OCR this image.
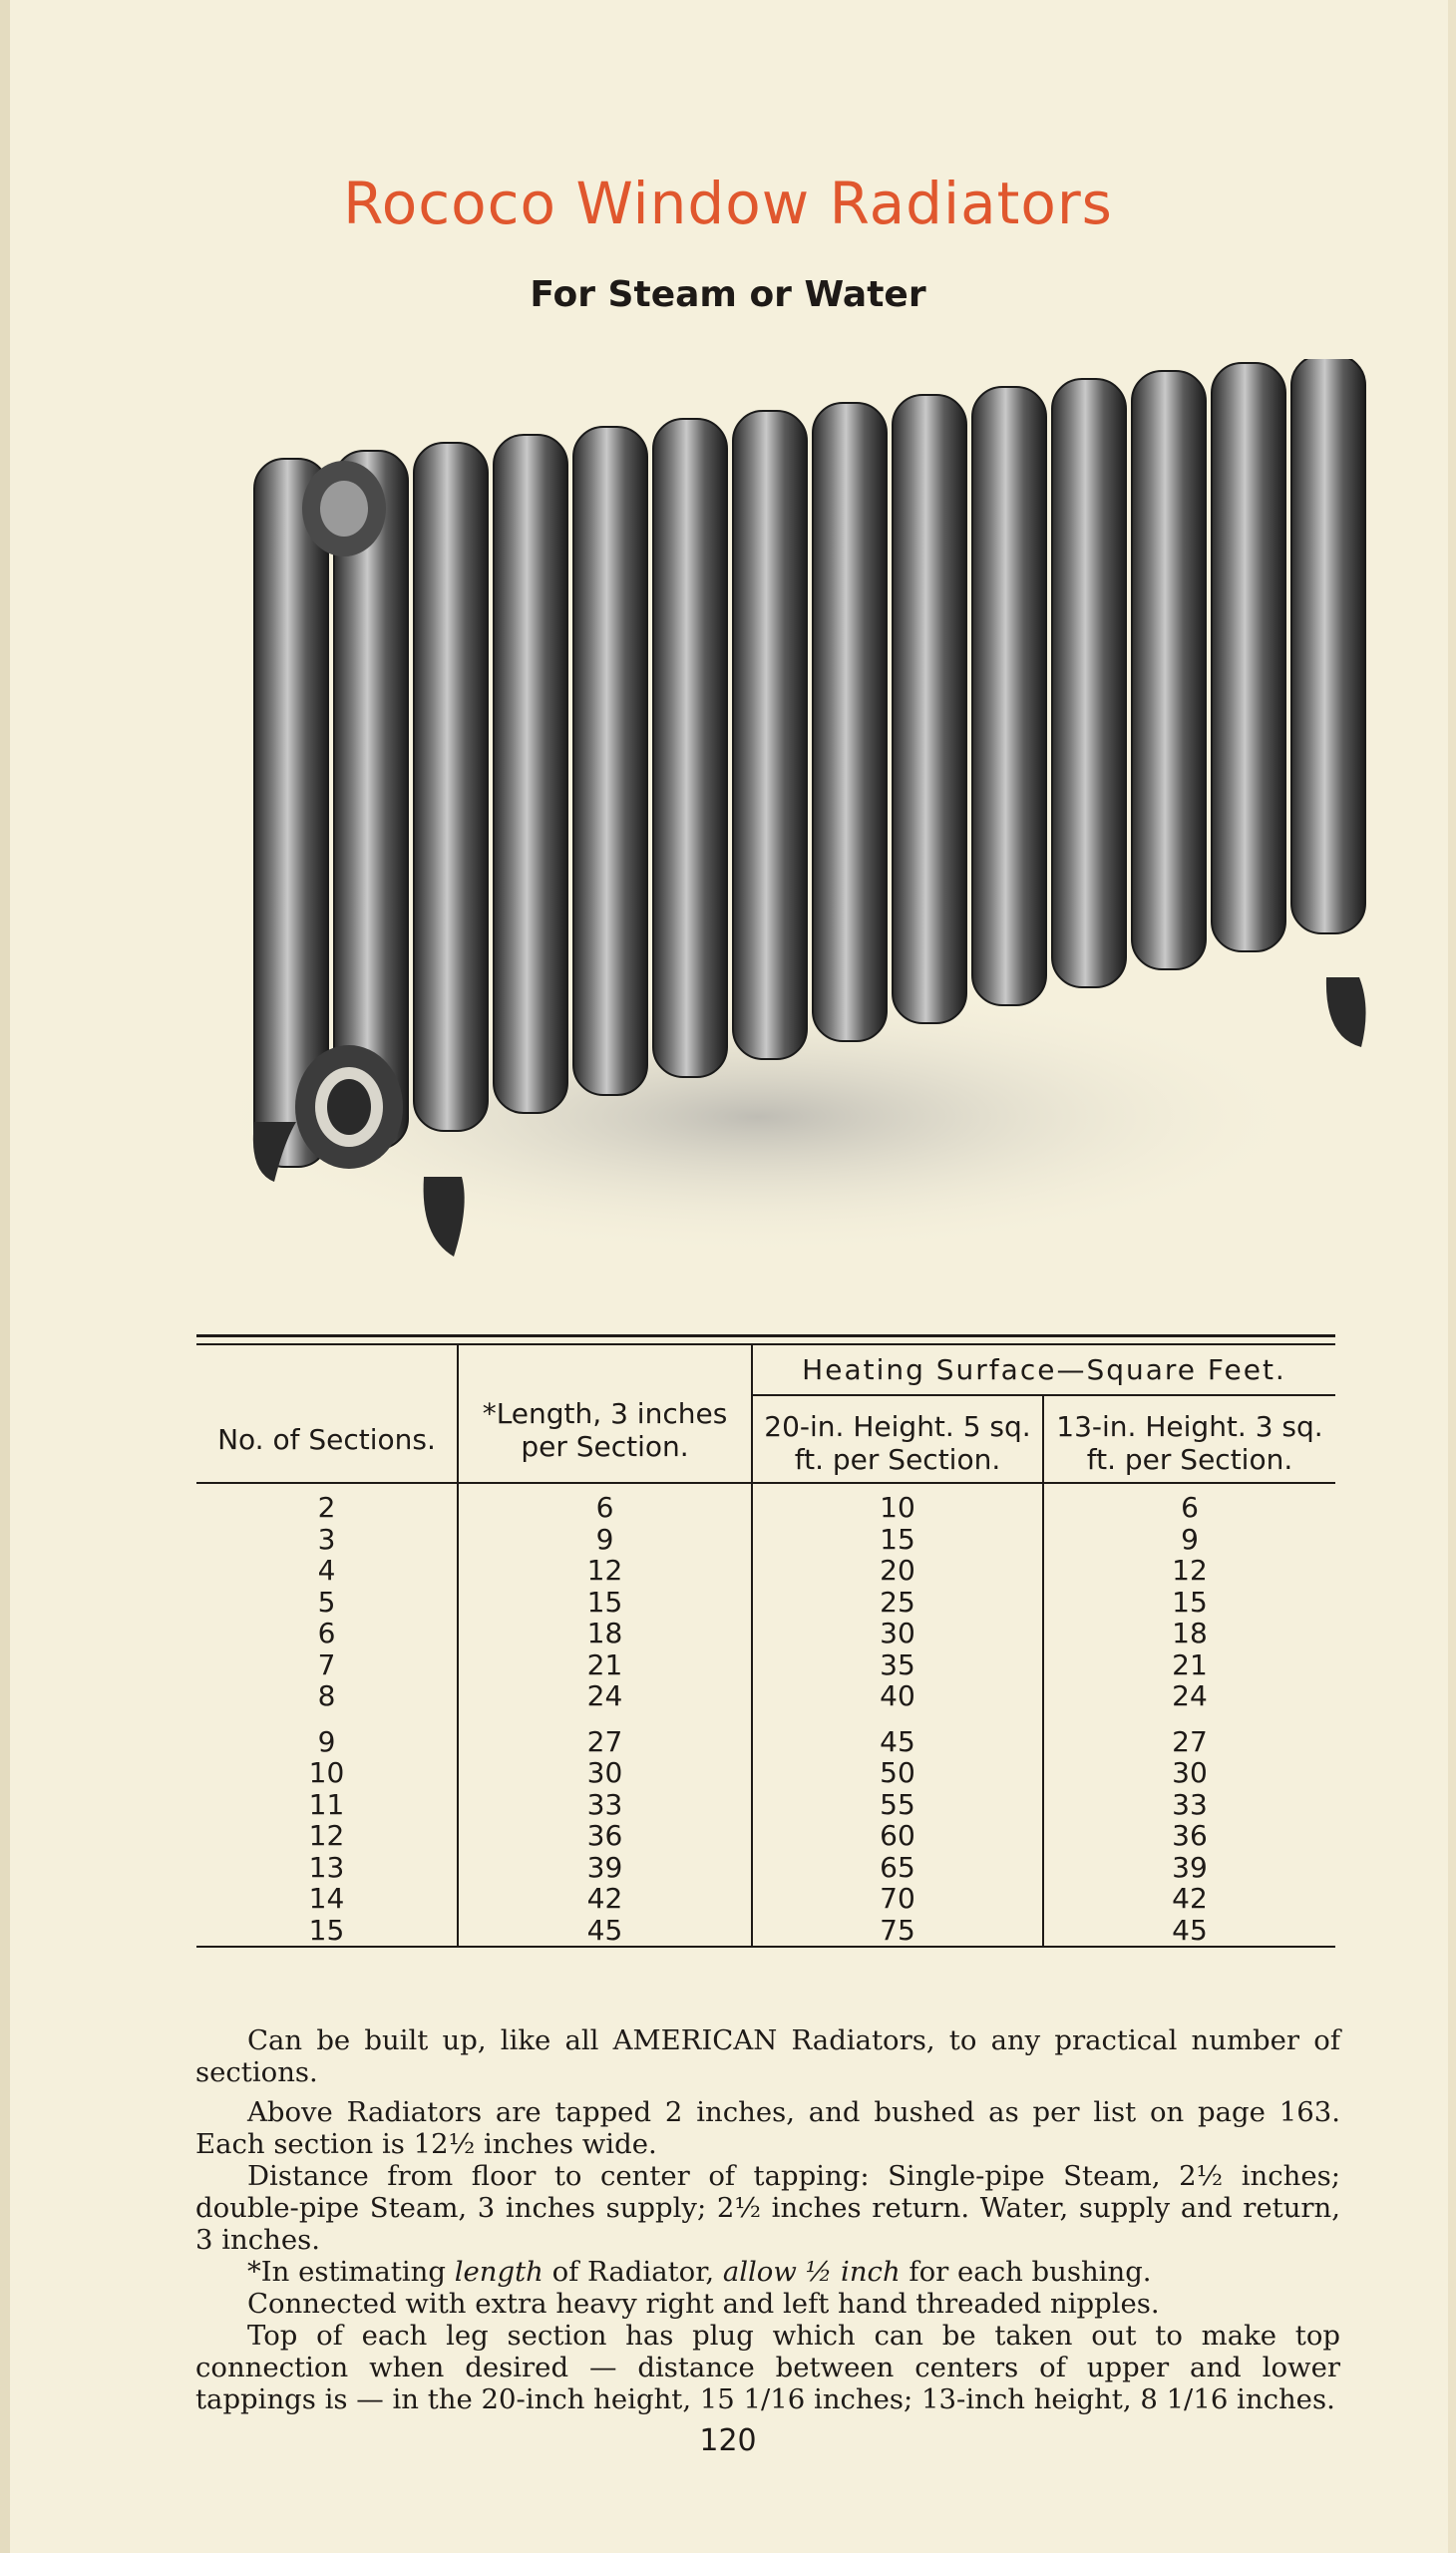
Rococo Window Radiators
For Steam or Water

No. of Sections.	*Length, 3 inches per Section.	Heating Surface—Square Feet.	
		20-in. Height. 5 sq. ft. per Section.	13-in. Height. 3 sq. ft. per Section.
2	6	10	6
3	9	15	9
4	12	20	12
5	15	25	15
6	18	30	18
7	21	35	21
8	24	40	24
9	27	45	27
10	30	50	30
11	33	55	33
12	36	60	36
13	39	65	39
14	42	70	42
15	45	75	45

Can be built up, like all AMERICAN Radiators, to any practical number of sections.

Above Radiators are tapped 2 inches, and bushed as per list on page 163. Each section is 12½ inches wide.

Distance from floor to center of tapping: Single-pipe Steam, 2½ inches; double-pipe Steam, 3 inches supply; 2½ inches return. Water, supply and return, 3 inches.

*In estimating length of Radiator, allow ½ inch for each bushing.

Connected with extra heavy right and left hand threaded nipples.

Top of each leg section has plug which can be taken out to make top connection when desired — distance between centers of upper and lower tappings is — in the 20-inch height, 15 1/16 inches; 13-inch height, 8 1/16 inches.

120
